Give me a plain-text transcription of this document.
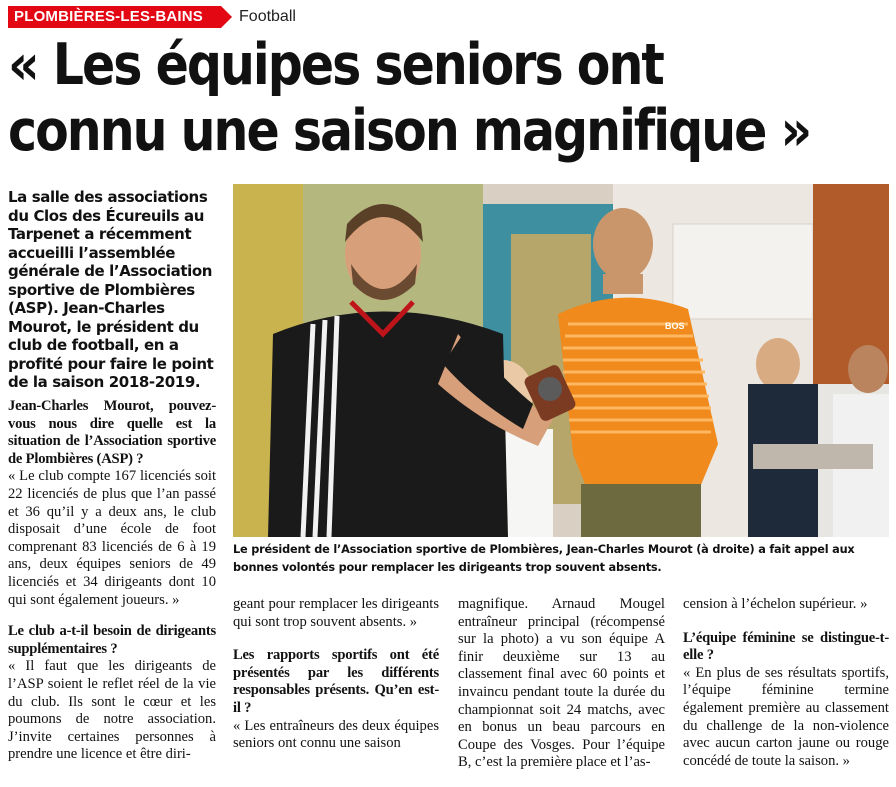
PLOMBIÈRES-LES-BAINS	Football
« Les équipes seniors ont
connu une saison magnifique »

La salle des associations du Clos des Écureuils au Tarpenet a récemment accueilli l’assemblée générale de l’Association sportive de Plombières (ASP). Jean-Charles Mourot, le président du club de football, en a profité pour faire le point de la saison 2018-2019.

BOS

Le président de l’Association sportive de Plombières, Jean-Charles Mourot (à droite) a fait appel aux bonnes volontés pour remplacer les dirigeants trop souvent absents.

Jean-Charles Mourot, pouvez-vous nous dire quelle est la situation de l’Association sportive de Plombières (ASP) ?

« Le club compte 167 licenciés soit 22 licenciés de plus que l’an passé et 36 qu’il y a deux ans, le club disposait d’une école de foot comprenant 83 licenciés de 6 à 19 ans, deux équipes seniors de 49 licenciés et 34 dirigeants dont 10 qui sont également joueurs. »

Le club a-t-il besoin de dirigeants supplémentaires ?

« Il faut que les dirigeants de l’ASP soient le reflet réel de la vie du club. Ils sont le cœur et les poumons de notre association. J’invite certaines personnes à prendre une licence et être diri-

geant pour remplacer les dirigeants qui sont trop souvent absents. »

Les rapports sportifs ont été présentés par les différents responsables présents. Qu’en est-il ?

« Les entraîneurs des deux équipes seniors ont connu une saison

magnifique. Arnaud Mougel entraîneur principal (récompensé sur la photo) a vu son équipe A finir deuxième sur 13 au classement final avec 60 points et invaincu pendant toute la durée du championnat soit 24 matchs, avec en bonus un beau parcours en Coupe des Vosges. Pour l’équipe B, c’est la première place et l’as-

cension à l’échelon supérieur. »

L’équipe féminine se distingue-t-elle ?

« En plus de ses résultats sportifs, l’équipe féminine termine également première au classement du challenge de la non-violence avec aucun carton jaune ou rouge concédé de toute la saison. »
